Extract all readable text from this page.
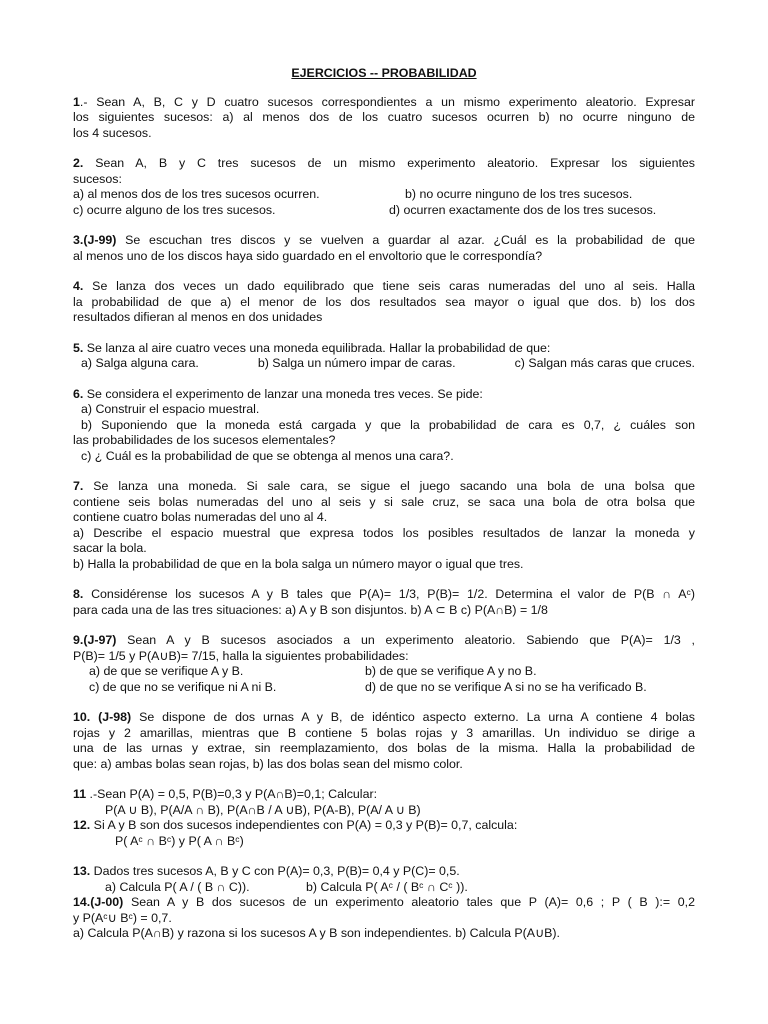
EJERCICIOS -- PROBABILIDAD
1.- Sean A, B, C y D cuatro sucesos correspondientes a un mismo experimento aleatorio. Expresar
los siguientes sucesos: a) al menos dos de los cuatro sucesos ocurren b) no ocurre ninguno de
los 4 sucesos.
2. Sean A, B y C tres sucesos de un mismo experimento aleatorio. Expresar los siguientes
sucesos:
a) al menos dos de los tres sucesos ocurren.	b) no ocurre ninguno de los tres sucesos.
c) ocurre alguno de los tres sucesos.	d) ocurren exactamente dos de los tres sucesos.
3.(J-99) Se escuchan tres discos y se vuelven a guardar al azar. ¿Cuál es la probabilidad de que
al menos uno de los discos haya sido guardado en el envoltorio que le correspondía?
4. Se lanza dos veces un dado equilibrado que tiene seis caras numeradas del uno al seis. Halla
la probabilidad de que a) el menor de los dos resultados sea mayor o igual que dos. b) los dos
resultados difieran al menos en dos unidades
5. Se lanza al aire cuatro veces una moneda equilibrada. Hallar la probabilidad de que:
a) Salga alguna cara.	b) Salga un número impar de caras.	c) Salgan más caras que cruces.
6. Se considera el experimento de lanzar una moneda tres veces. Se pide:
a) Construir el espacio muestral.
b) Suponiendo que la moneda está cargada y que la probabilidad de cara es 0,7, ¿ cuáles son
las probabilidades de los sucesos elementales?
c) ¿ Cuál es la probabilidad de que se obtenga al menos una cara?.
7. Se lanza una moneda. Si sale cara, se sigue el juego sacando una bola de una bolsa que
contiene seis bolas numeradas del uno al seis y si sale cruz, se saca una bola de otra bolsa que
contiene cuatro bolas numeradas del uno al 4.
a) Describe el espacio muestral que expresa todos los posibles resultados de lanzar la moneda y
sacar la bola.
b) Halla la probabilidad de que en la bola salga un número mayor o igual que tres.
8. Considérense los sucesos A y B tales que P(A)= 1/3, P(B)= 1/2. Determina el valor de P(B ∩ Aᶜ)
para cada una de las tres situaciones: a) A y B son disjuntos. b) A ⊂ B c) P(A∩B) = 1/8
9.(J-97) Sean A y B sucesos asociados a un experimento aleatorio. Sabiendo que P(A)= 1/3 ,
P(B)= 1/5 y P(A∪B)= 7/15, halla la siguientes probabilidades:
a) de que se verifique A y B.	b) de que se verifique A y no B.
c) de que no se verifique ni A ni B.	d) de que no se verifique A si no se ha verificado B.
10. (J-98) Se dispone de dos urnas A y B, de idéntico aspecto externo. La urna A contiene 4 bolas
rojas y 2 amarillas, mientras que B contiene 5 bolas rojas y 3 amarillas. Un individuo se dirige a
una de las urnas y extrae, sin reemplazamiento, dos bolas de la misma. Halla la probabilidad de
que: a) ambas bolas sean rojas, b) las dos bolas sean del mismo color.
11 .-Sean P(A) = 0,5, P(B)=0,3 y P(A∩B)=0,1; Calcular:
P(A ∪ B), P(A/A ∩ B), P(A∩B / A ∪B), P(A-B), P(A/ A ∪ B)
12. Si A y B son dos sucesos independientes con P(A) = 0,3 y P(B)= 0,7, calcula:
P( Aᶜ ∩ Bᶜ) y P( A ∩ Bᶜ)
13. Dados tres sucesos A, B y C con P(A)= 0,3, P(B)= 0,4 y P(C)= 0,5.
a) Calcula P( A / ( B ∩ C)).	b) Calcula P( Aᶜ / ( Bᶜ ∩ Cᶜ )).
14.(J-00) Sean A y B dos sucesos de un experimento aleatorio tales que P (A)= 0,6 ; P ( B ):= 0,2
y P(Aᶜ∪ Bᶜ) = 0,7.
a) Calcula P(A∩B) y razona si los sucesos A y B son independientes. b) Calcula P(A∪B).
